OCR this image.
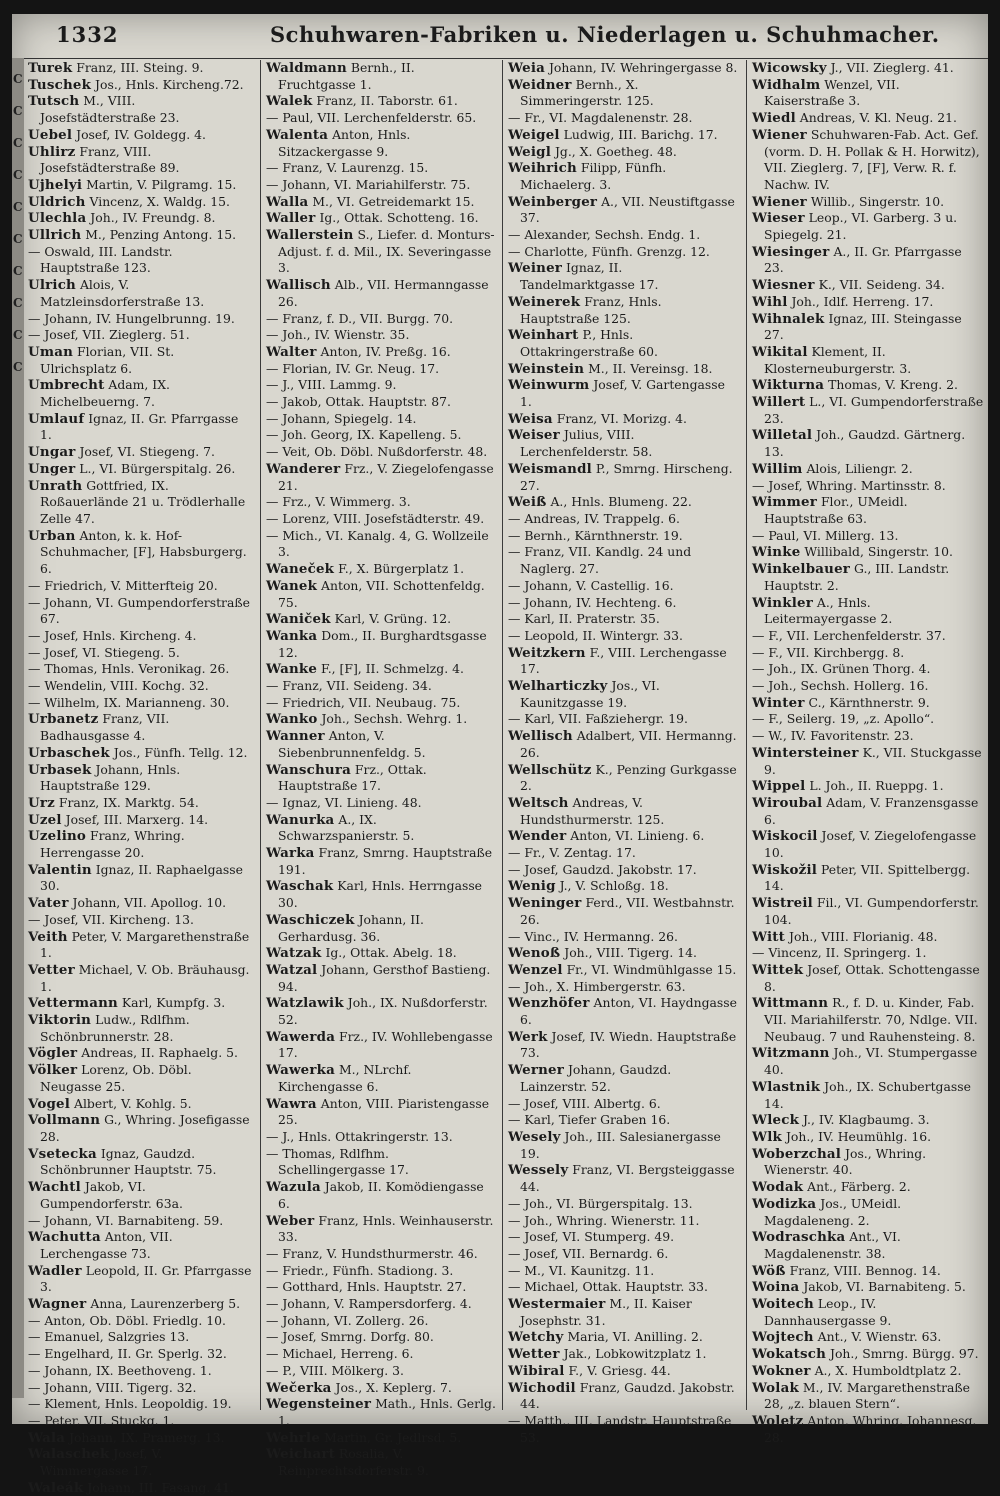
1332	Schuhwaren-Fabriken u. Niederlagen u. Schuhmacher.
C
C
C
C
C
C
C
C
C
C
Turek Franz, III. Steing. 9.
Tuschek Jos., Hnls. Kircheng.72.
Tutsch M., VIII. Josefstädterstraße 23.
Uebel Josef, IV. Goldegg. 4.
Uhlirz Franz, VIII. Josefstädterstraße 89.
Ujhelyi Martin, V. Pilgramg. 15.
Uldrich Vincenz, X. Waldg. 15.
Ulechla Joh., IV. Freundg. 8.
Ullrich M., Penzing Antong. 15.
— Oswald, III. Landstr. Hauptstraße 123.
Ulrich Alois, V. Matzleinsdorferstraße 13.
— Johann, IV. Hungelbrunng. 19.
— Josef, VII. Zieglerg. 51.
Uman Florian, VII. St. Ulrichsplatz 6.
Umbrecht Adam, IX. Michelbeuerng. 7.
Umlauf Ignaz, II. Gr. Pfarrgasse 1.
Ungar Josef, VI. Stiegeng. 7.
Unger L., VI. Bürgerspitalg. 26.
Unrath Gottfried, IX. Roßauerlände 21 u. Trödlerhalle Zelle 47.
Urban Anton, k. k. Hof-Schuhmacher, [F], Habsburgerg. 6.
— Friedrich, V. Mitterfteig 20.
— Johann, VI. Gumpendorferstraße 67.
— Josef, Hnls. Kircheng. 4.
— Josef, VI. Stiegeng. 5.
— Thomas, Hnls. Veronikag. 26.
— Wendelin, VIII. Kochg. 32.
— Wilhelm, IX. Marianneng. 30.
Urbanetz Franz, VII. Badhausgasse 4.
Urbaschek Jos., Fünfh. Tellg. 12.
Urbasek Johann, Hnls. Hauptstraße 129.
Urz Franz, IX. Marktg. 54.
Uzel Josef, III. Marxerg. 14.
Uzelino Franz, Whring. Herrengasse 20.
Valentin Ignaz, II. Raphaelgasse 30.
Vater Johann, VII. Apollog. 10.
— Josef, VII. Kircheng. 13.
Veith Peter, V. Margarethenstraße 1.
Vetter Michael, V. Ob. Bräuhausg. 1.
Vettermann Karl, Kumpfg. 3.
Viktorin Ludw., Rdlfhm. Schönbrunnerstr. 28.
Vögler Andreas, II. Raphaelg. 5.
Völker Lorenz, Ob. Döbl. Neugasse 25.
Vogel Albert, V. Kohlg. 5.
Vollmann G., Whring. Josefigasse 28.
Vsetecka Ignaz, Gaudzd. Schönbrunner Hauptstr. 75.
Wachtl Jakob, VI. Gumpendorferstr. 63a.
— Johann, VI. Barnabiteng. 59.
Wachutta Anton, VII. Lerchengasse 73.
Wadler Leopold, II. Gr. Pfarrgasse 3.
Wagner Anna, Laurenzerberg 5.
— Anton, Ob. Döbl. Friedlg. 10.
— Emanuel, Salzgries 13.
— Engelhard, II. Gr. Sperlg. 32.
— Johann, IX. Beethoveng. 1.
— Johann, VIII. Tigerg. 32.
— Klement, Hnls. Leopoldig. 19.
— Peter, VII. Stuckg. 1.
Wala Johann, IX. Pramerg. 13.
Walaschek Josef, V. Wimmergasse 17.
Waleák Johann, III. Fasang. 41.
Waldmann Bernh., II. Fruchtgasse 1.
Walek Franz, II. Taborstr. 61.
— Paul, VII. Lerchenfelderstr. 65.
Walenta Anton, Hnls. Sitzackergasse 9.
— Franz, V. Laurenzg. 15.
— Johann, VI. Mariahilferstr. 75.
Walla M., VI. Getreidemarkt 15.
Waller Ig., Ottak. Schotteng. 16.
Wallerstein S., Liefer. d. Monturs-Adjust. f. d. Mil., IX. Severingasse 3.
Wallisch Alb., VII. Hermanngasse 26.
— Franz, f. D., VII. Burgg. 70.
— Joh., IV. Wienstr. 35.
Walter Anton, IV. Preßg. 16.
— Florian, IV. Gr. Neug. 17.
— J., VIII. Lammg. 9.
— Jakob, Ottak. Hauptstr. 87.
— Johann, Spiegelg. 14.
— Joh. Georg, IX. Kapelleng. 5.
— Veit, Ob. Döbl. Nußdorferstr. 48.
Wanderer Frz., V. Ziegelofengasse 21.
— Frz., V. Wimmerg. 3.
— Lorenz, VIII. Josefstädterstr. 49.
— Mich., VI. Kanalg. 4, G. Wollzeile 3.
Waneček F., X. Bürgerplatz 1.
Wanek Anton, VII. Schottenfeldg. 75.
Waniček Karl, V. Grüng. 12.
Wanka Dom., II. Burghardtsgasse 12.
Wanke F., [F], II. Schmelzg. 4.
— Franz, VII. Seideng. 34.
— Friedrich, VII. Neubaug. 75.
Wanko Joh., Sechsh. Wehrg. 1.
Wanner Anton, V. Siebenbrunnenfeldg. 5.
Wanschura Frz., Ottak. Hauptstraße 17.
— Ignaz, VI. Linieng. 48.
Wanurka A., IX. Schwarzspanierstr. 5.
Warka Franz, Smrng. Hauptstraße 191.
Waschak Karl, Hnls. Herrngasse 30.
Waschiczek Johann, II. Gerhardusg. 36.
Watzak Ig., Ottak. Abelg. 18.
Watzal Johann, Gersthof Bastieng. 94.
Watzlawik Joh., IX. Nußdorferstr. 52.
Wawerda Frz., IV. Wohllebengasse 17.
Wawerka M., NLrchf. Kirchengasse 6.
Wawra Anton, VIII. Piaristengasse 25.
— J., Hnls. Ottakringerstr. 13.
— Thomas, Rdlfhm. Schellingergasse 17.
Wazula Jakob, II. Komödiengasse 6.
Weber Franz, Hnls. Weinhauserstr. 33.
— Franz, V. Hundsthurmerstr. 46.
— Friedr., Fünfh. Stadiong. 3.
— Gotthard, Hnls. Hauptstr. 27.
— Johann, V. Rampersdorferg. 4.
— Johann, VI. Zollerg. 26.
— Josef, Smrng. Dorfg. 80.
— Michael, Herreng. 6.
— P., VIII. Mölkerg. 3.
Wečerka Jos., X. Keplerg. 7.
Wegensteiner Math., Hnls. Gerlg. 1.
Wehrle Martin, Gr. Jedlrsd. 5.
Weichart Rosalia, V. Reinprechtsdorferstr. 9.
Weia Johann, IV. Wehringergasse 8.
Weidner Bernh., X. Simmeringerstr. 125.
— Fr., VI. Magdalenenstr. 28.
Weigel Ludwig, III. Barichg. 17.
Weigl Jg., X. Goetheg. 48.
Weihrich Filipp, Fünfh. Michaelerg. 3.
Weinberger A., VII. Neustiftgasse 37.
— Alexander, Sechsh. Endg. 1.
— Charlotte, Fünfh. Grenzg. 12.
Weiner Ignaz, II. Tandelmarktgasse 17.
Weinerek Franz, Hnls. Hauptstraße 125.
Weinhart P., Hnls. Ottakringerstraße 60.
Weinstein M., II. Vereinsg. 18.
Weinwurm Josef, V. Gartengasse 1.
Weisa Franz, VI. Morizg. 4.
Weiser Julius, VIII. Lerchenfelderstr. 58.
Weismandl P., Smrng. Hirscheng. 27.
Weiß A., Hnls. Blumeng. 22.
— Andreas, IV. Trappelg. 6.
— Bernh., Kärnthnerstr. 19.
— Franz, VII. Kandlg. 24 und Naglerg. 27.
— Johann, V. Castellig. 16.
— Johann, IV. Hechteng. 6.
— Karl, II. Praterstr. 35.
— Leopold, II. Wintergr. 33.
Weitzkern F., VIII. Lerchengasse 17.
Welharticzky Jos., VI. Kaunitzgasse 19.
— Karl, VII. Faßziehergr. 19.
Wellisch Adalbert, VII. Hermanng. 26.
Wellschütz K., Penzing Gurkgasse 2.
Weltsch Andreas, V. Hundsthurmerstr. 125.
Wender Anton, VI. Linieng. 6.
— Fr., V. Zentag. 17.
— Josef, Gaudzd. Jakobstr. 17.
Wenig J., V. Schloßg. 18.
Weninger Ferd., VII. Westbahnstr. 26.
— Vinc., IV. Hermanng. 26.
Wenoß Joh., VIII. Tigerg. 14.
Wenzel Fr., VI. Windmühlgasse 15.
— Joh., X. Himbergerstr. 63.
Wenzhöfer Anton, VI. Haydngasse 6.
Werk Josef, IV. Wiedn. Hauptstraße 73.
Werner Johann, Gaudzd. Lainzerstr. 52.
— Josef, VIII. Albertg. 6.
— Karl, Tiefer Graben 16.
Wesely Joh., III. Salesianergasse 19.
Wessely Franz, VI. Bergsteiggasse 44.
— Joh., VI. Bürgerspitalg. 13.
— Joh., Whring. Wienerstr. 11.
— Josef, VI. Stumperg. 49.
— Josef, VII. Bernardg. 6.
— M., VI. Kaunitzg. 11.
— Michael, Ottak. Hauptstr. 33.
Westermaier M., II. Kaiser Josephstr. 31.
Wetchy Maria, VI. Anilling. 2.
Wetter Jak., Lobkowitzplatz 1.
Wibiral F., V. Griesg. 44.
Wichodil Franz, Gaudzd. Jakobstr. 44.
— Matth., III. Landstr. Hauptstraße 53.
Wicowsky J., VII. Zieglerg. 41.
Widhalm Wenzel, VII. Kaiserstraße 3.
Wiedl Andreas, V. Kl. Neug. 21.
Wiener Schuhwaren-Fab. Act. Gef. (vorm. D. H. Pollak & H. Horwitz), VII. Zieglerg. 7, [F], Verw. R. f. Nachw. IV.
Wiener Willib., Singerstr. 10.
Wieser Leop., VI. Garberg. 3 u. Spiegelg. 21.
Wiesinger A., II. Gr. Pfarrgasse 23.
Wiesner K., VII. Seideng. 34.
Wihl Joh., Idlf. Herreng. 17.
Wihnalek Ignaz, III. Steingasse 27.
Wikital Klement, II. Klosterneuburgerstr. 3.
Wikturna Thomas, V. Kreng. 2.
Willert L., VI. Gumpendorferstraße 23.
Willetal Joh., Gaudzd. Gärtnerg. 13.
Willim Alois, Liliengr. 2.
— Josef, Whring. Martinsstr. 8.
Wimmer Flor., UMeidl. Hauptstraße 63.
— Paul, VI. Millerg. 13.
Winke Willibald, Singerstr. 10.
Winkelbauer G., III. Landstr. Hauptstr. 2.
Winkler A., Hnls. Leitermayergasse 2.
— F., VII. Lerchenfelderstr. 37.
— F., VII. Kirchbergg. 8.
— Joh., IX. Grünen Thorg. 4.
— Joh., Sechsh. Hollerg. 16.
Winter C., Kärnthnerstr. 9.
— F., Seilerg. 19, „z. Apollo“.
— W., IV. Favoritenstr. 23.
Wintersteiner K., VII. Stuckgasse 9.
Wippel L. Joh., II. Rueppg. 1.
Wiroubal Adam, V. Franzensgasse 6.
Wiskocil Josef, V. Ziegelofengasse 10.
Wiskožil Peter, VII. Spittelbergg. 14.
Wistreil Fil., VI. Gumpendorferstr. 104.
Witt Joh., VIII. Florianig. 48.
— Vincenz, II. Springerg. 1.
Wittek Josef, Ottak. Schottengasse 8.
Wittmann R., f. D. u. Kinder, Fab. VII. Mariahilferstr. 70, Ndlge. VII. Neubaug. 7 und Rauhensteing. 8.
Witzmann Joh., VI. Stumpergasse 40.
Wlastnik Joh., IX. Schubertgasse 14.
Wleck J., IV. Klagbaumg. 3.
Wlk Joh., IV. Heumühlg. 16.
Woberzchal Jos., Whring. Wienerstr. 40.
Wodak Ant., Färberg. 2.
Wodizka Jos., UMeidl. Magdaleneng. 2.
Wodraschka Ant., VI. Magdalenenstr. 38.
Wöß Franz, VIII. Bennog. 14.
Woina Jakob, VI. Barnabiteng. 5.
Woitech Leop., IV. Dannhausergasse 9.
Wojtech Ant., V. Wienstr. 63.
Wokatsch Joh., Smrng. Bürgg. 97.
Wokner A., X. Humboldtplatz 2.
Wolak M., IV. Margarethenstraße 28, „z. blauen Stern“.
Woletz Anton, Whring. Johannesg. 28.
